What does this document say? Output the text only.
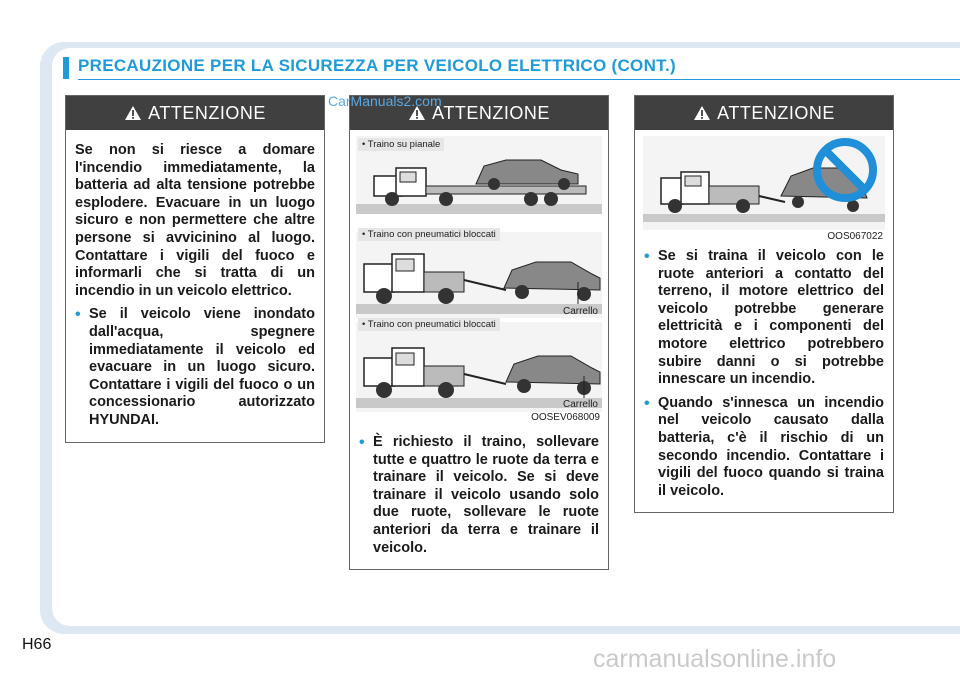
PRECAUZIONE PER LA SICUREZZA PER VEICOLO ELETTRICO (CONT.)
ATTENZIONE

Se non si riesce a domare l'incendio immediatamente, la batteria ad alta tensione potrebbe esplodere. Evacuare in un luogo sicuro e non permettere che altre persone si avvicinino al luogo. Contattare i vigili del fuoco e informarli che si tratta di un incendio in un veicolo elettrico.

• Se il veicolo viene inondato dall'acqua, spegnere immediatamente il veicolo ed evacuare in un luogo sicuro. Contattare i vigili del fuoco o un concessionario autorizzato HYUNDAI.
ATTENZIONE
• Traino su pianale
• Traino con pneumatici bloccati
Carrello
• Traino con pneumatici bloccati
Carrello
OOSEV068009
• È richiesto il traino, sollevare tutte e quattro le ruote da terra e trainare il veicolo. Se si deve trainare il veicolo usando solo due ruote, sollevare le ruote anteriori da terra e trainare il veicolo.
ATTENZIONE
OOS067022
• Se si traina il veicolo con le ruote anteriori a contatto del terreno, il motore elettrico del veicolo potrebbe generare elettricità e i componenti del motore elettrico potrebbero subire danni o si potrebbe innescare un incendio.
• Quando s'innesca un incendio nel veicolo causato dalla batteria, c'è il rischio di un secondo incendio. Contattare i vigili del fuoco quando si traina il veicolo.
CarManuals2.com
H66
carmanualsonline.info
